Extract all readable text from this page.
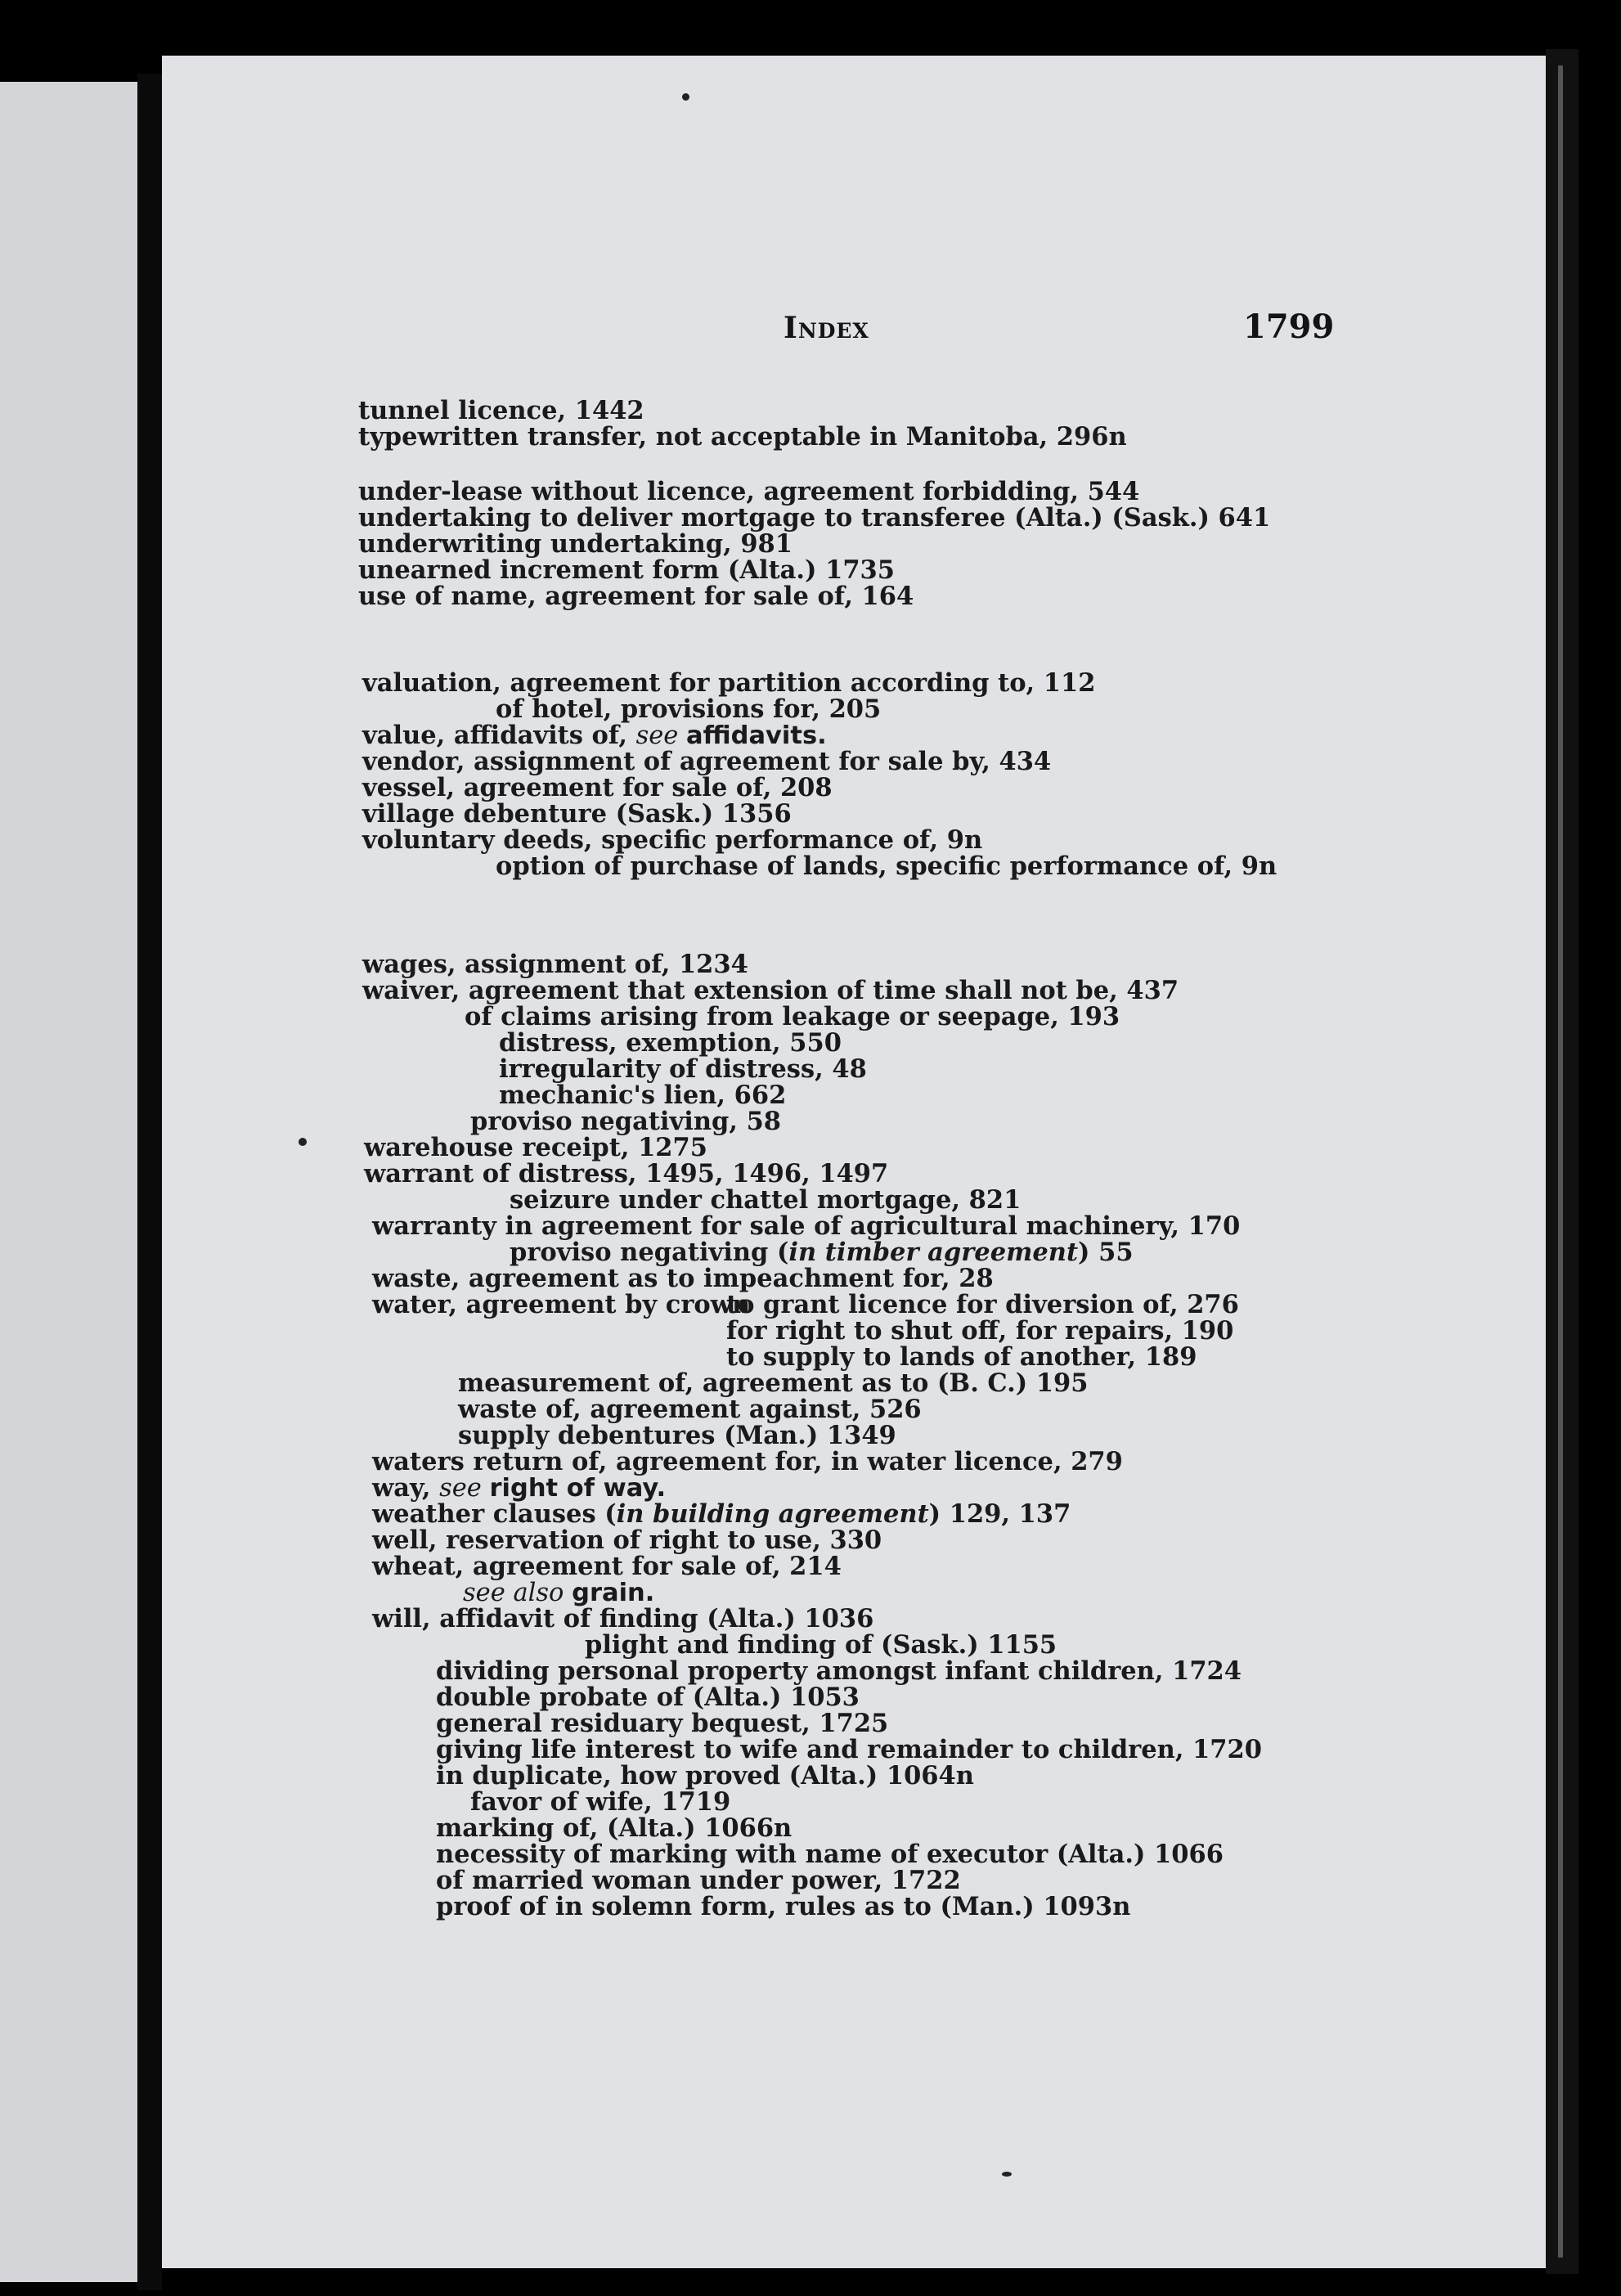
Index	1799
tunnel licence, 1442
typewritten transfer, not acceptable in Manitoba, 296n
under-lease without licence, agreement forbidding, 544
undertaking to deliver mortgage to transferee (Alta.) (Sask.) 641
underwriting undertaking, 981
unearned increment form (Alta.) 1735
use of name, agreement for sale of, 164
valuation, agreement for partition according to, 112
of hotel, provisions for, 205
value, affidavits of, see affidavits.
vendor, assignment of agreement for sale by, 434
vessel, agreement for sale of, 208
village debenture (Sask.) 1356
voluntary deeds, specific performance of, 9n
option of purchase of lands, specific performance of, 9n
wages, assignment of, 1234
waiver, agreement that extension of time shall not be, 437
of claims arising from leakage or seepage, 193
distress, exemption, 550
irregularity of distress, 48
mechanic's lien, 662
proviso negativing, 58
warehouse receipt, 1275
warrant of distress, 1495, 1496, 1497
seizure under chattel mortgage, 821
warranty in agreement for sale of agricultural machinery, 170
proviso negativing (in timber agreement) 55
waste, agreement as to impeachment for, 28
water, agreement by crown
to grant licence for diversion of, 276
for right to shut off, for repairs, 190
to supply to lands of another, 189
measurement of, agreement as to (B. C.) 195
waste of, agreement against, 526
supply debentures (Man.) 1349
waters return of, agreement for, in water licence, 279
way, see right of way.
weather clauses (in building agreement) 129, 137
well, reservation of right to use, 330
wheat, agreement for sale of, 214
see also grain.
will, affidavit of finding (Alta.) 1036
plight and finding of (Sask.) 1155
dividing personal property amongst infant children, 1724
double probate of (Alta.) 1053
general residuary bequest, 1725
giving life interest to wife and remainder to children, 1720
in duplicate, how proved (Alta.) 1064n
favor of wife, 1719
marking of, (Alta.) 1066n
necessity of marking with name of executor (Alta.) 1066
of married woman under power, 1722
proof of in solemn form, rules as to (Man.) 1093n
